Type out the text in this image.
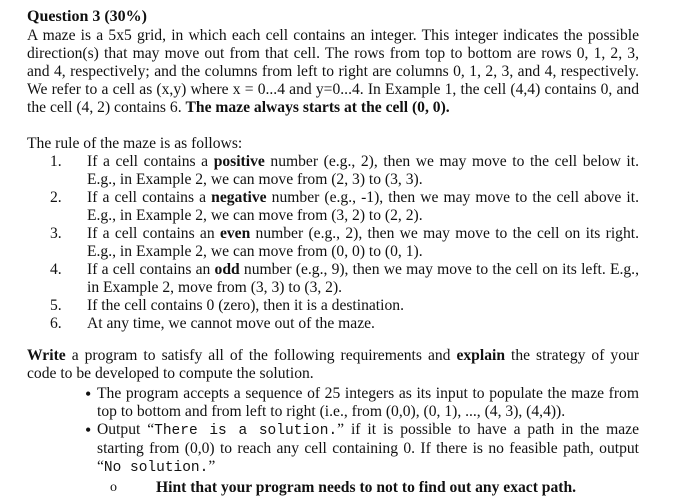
Question 3 (30%)
A maze is a 5x5 grid, in which each cell contains an integer. This integer indicates the possible direction(s) that may move out from that cell. The rows from top to bottom are rows 0, 1, 2, 3, and 4, respectively; and the columns from left to right are columns 0, 1, 2, 3, and 4, respectively. We refer to a cell as (x,y) where x = 0...4 and y=0...4. In Example 1, the cell (4,4) contains 0, and the cell (4, 2) contains 6. The maze always starts at the cell (0, 0).
The rule of the maze is as follows:
1.	If a cell contains a positive number (e.g., 2), then we may move to the cell below it. E.g., in Example 2, we can move from (2, 3) to (3, 3).
2.	If a cell contains a negative number (e.g., -1), then we may move to the cell above it. E.g., in Example 2, we can move from (3, 2) to (2, 2).
3.	If a cell contains an even number (e.g., 2), then we may move to the cell on its right. E.g., in Example 2, we can move from (0, 0) to (0, 1).
4.	If a cell contains an odd number (e.g., 9), then we may move to the cell on its left. E.g., in Example 2, move from (3, 3) to (3, 2).
5.	If the cell contains 0 (zero), then it is a destination.
6.	At any time, we cannot move out of the maze.
Write a program to satisfy all of the following requirements and explain the strategy of your code to be developed to compute the solution.
• The program accepts a sequence of 25 integers as its input to populate the maze from top to bottom and from left to right (i.e., from (0,0), (0, 1), ..., (4, 3), (4,4)).
• Output “There is a solution.” if it is possible to have a path in the maze starting from (0,0) to reach any cell containing 0. If there is no feasible path, output “No solution.”
o	Hint that your program needs to not to find out any exact path.
